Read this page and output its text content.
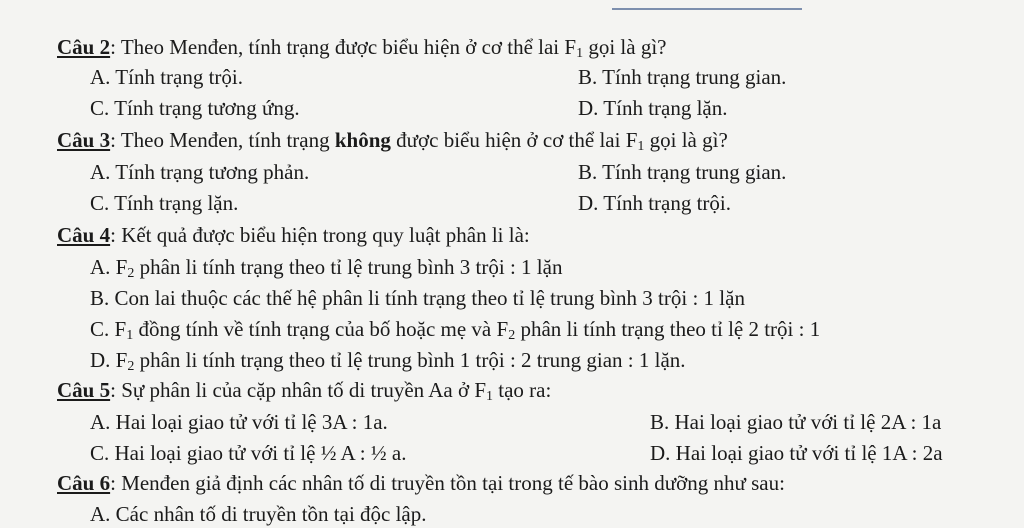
Câu 2: Theo Menđen, tính trạng được biểu hiện ở cơ thể lai $F_1$ gọi là gì?
A. Tính trạng trội.	B. Tính trạng trung gian.
C. Tính trạng tương ứng.	D. Tính trạng lặn.
Câu 3: Theo Menđen, tính trạng không được biểu hiện ở cơ thể lai $F_1$ gọi là gì?
A. Tính trạng tương phản.	B. Tính trạng trung gian.
C. Tính trạng lặn.	D. Tính trạng trội.
Câu 4: Kết quả được biểu hiện trong quy luật phân li là:
A. $F_2$ phân li tính trạng theo tỉ lệ trung bình 3 trội : 1 lặn
B. Con lai thuộc các thế hệ phân li tính trạng theo tỉ lệ trung bình 3 trội : 1 lặn
C. $F_1$ đồng tính về tính trạng của bố hoặc mẹ và $F_2$ phân li tính trạng theo tỉ lệ 2 trội : 1
D. $F_2$ phân li tính trạng theo tỉ lệ trung bình 1 trội : 2 trung gian : 1 lặn.
Câu 5: Sự phân li của cặp nhân tố di truyền Aa ở $F_1$ tạo ra:
A. Hai loại giao tử với tỉ lệ 3A : 1a.	B. Hai loại giao tử với tỉ lệ 2A : 1a
C. Hai loại giao tử với tỉ lệ ½ A : ½ a.	D. Hai loại giao tử với tỉ lệ 1A : 2a
Câu 6: Menđen giả định các nhân tố di truyền tồn tại trong tế bào sinh dưỡng như sau:
A. Các nhân tố di truyền tồn tại độc lập.
